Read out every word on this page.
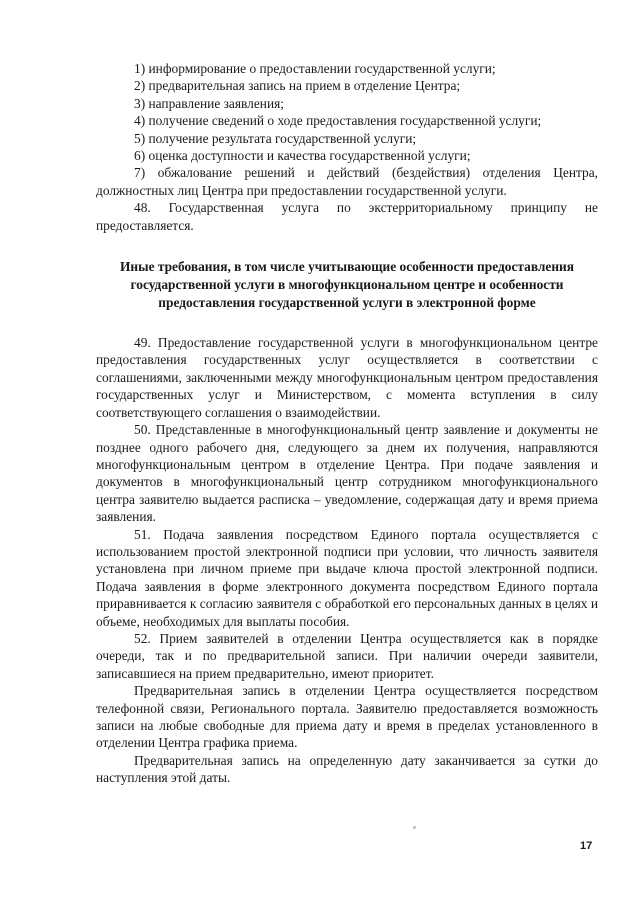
1) информирование о предоставлении государственной услуги;

2) предварительная запись на прием в отделение Центра;

3) направление заявления;

4) получение сведений о ходе предоставления государственной услуги;

5) получение результата государственной услуги;

6) оценка доступности и качества государственной услуги;

7) обжалование решений и действий (бездействия) отделения Центра, должностных лиц Центра при предоставлении государственной услуги.

48. Государственная услуга по экстерриториальному принципу не предоставляется.

Иные требования, в том числе учитывающие особенности предоставления государственной услуги в многофункциональном центре и особенности предоставления государственной услуги в электронной форме

49. Предоставление государственной услуги в многофункциональном центре предоставления государственных услуг осуществляется в соответствии с соглашениями, заключенными между многофункциональным центром предоставления государственных услуг и Министерством, с момента вступления в силу соответствующего соглашения о взаимодействии.

50. Представленные в многофункциональный центр заявление и документы не позднее одного рабочего дня, следующего за днем их получения, направляются многофункциональным центром в отделение Центра. При подаче заявления и документов в многофункциональный центр сотрудником многофункционального центра заявителю выдается расписка – уведомление, содержащая дату и время приема заявления.

51. Подача заявления посредством Единого портала осуществляется с использованием простой электронной подписи при условии, что личность заявителя установлена при личном приеме при выдаче ключа простой электронной подписи. Подача заявления в форме электронного документа посредством Единого портала приравнивается к согласию заявителя с обработкой его персональных данных в целях и объеме, необходимых для выплаты пособия.

52. Прием заявителей в отделении Центра осуществляется как в порядке очереди, так и по предварительной записи. При наличии очереди заявители, записавшиеся на прием предварительно, имеют приоритет.

Предварительная запись в отделении Центра осуществляется посредством телефонной связи, Регионального портала. Заявителю предоставляется возможность записи на любые свободные для приема дату и время в пределах установленного в отделении Центра графика приема.

Предварительная запись на определенную дату заканчивается за сутки до наступления этой даты.

17
